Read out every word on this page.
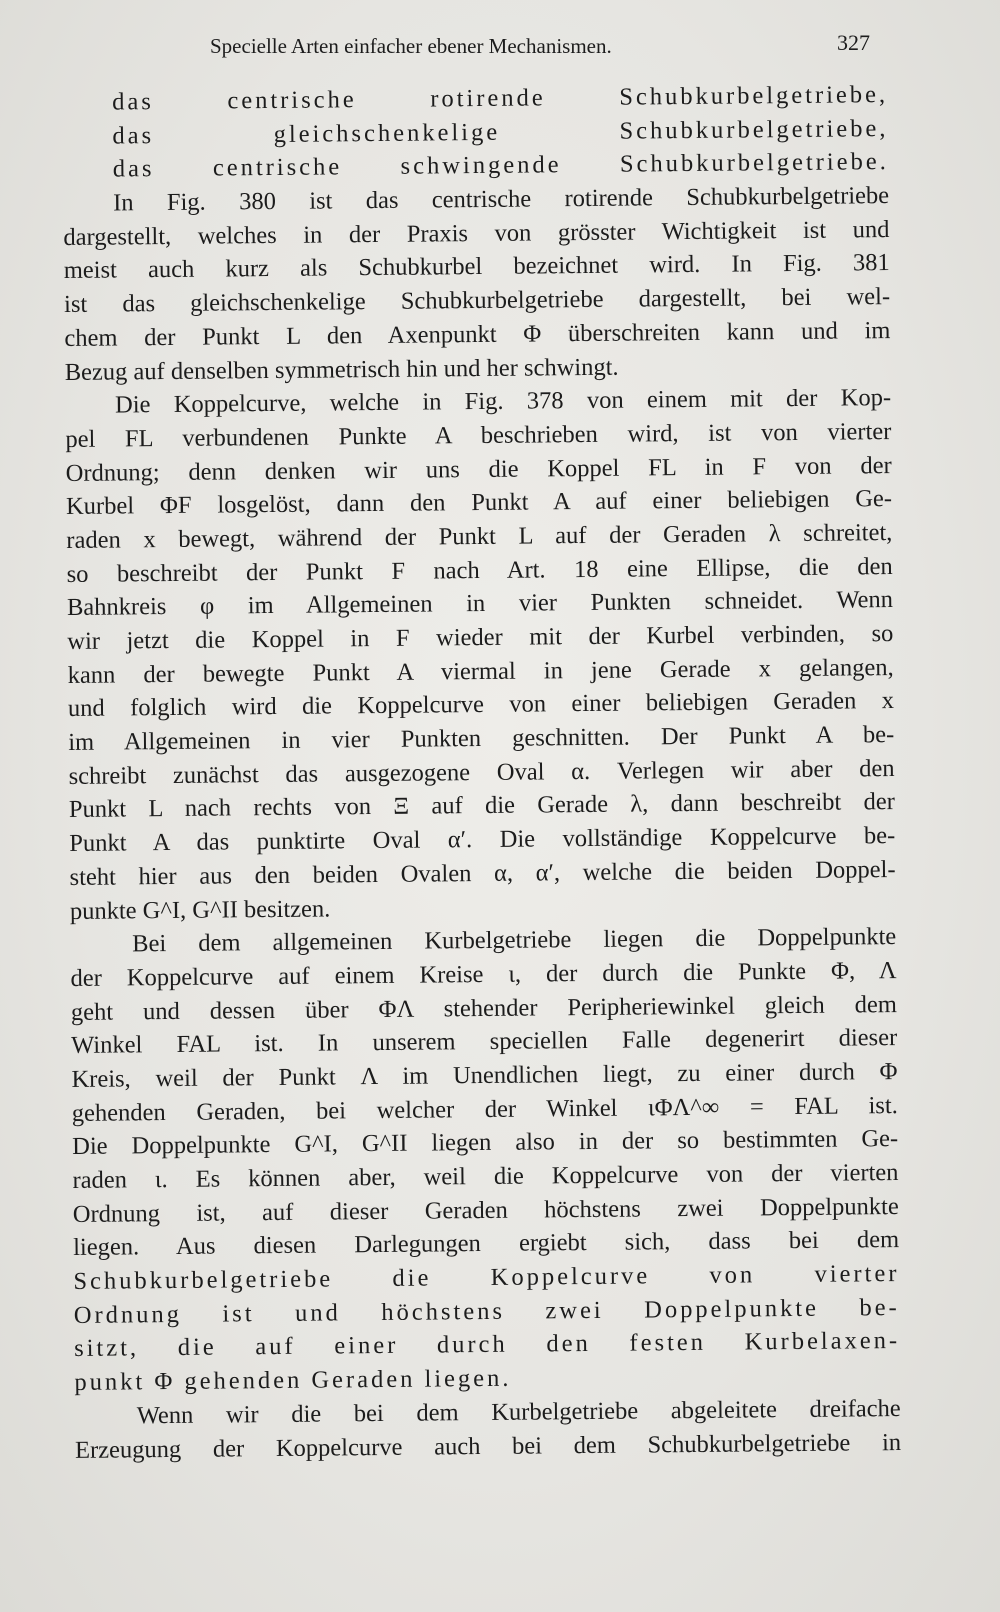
Specielle Arten einfacher ebener Mechanismen.	327
das centrische rotirende Schubkurbelgetriebe,
das gleichschenkelige Schubkurbelgetriebe,
das centrische schwingende Schubkurbelgetriebe.
In Fig. 380 ist das centrische rotirende Schubkurbelgetriebe
dargestellt, welches in der Praxis von grösster Wichtigkeit ist und
meist auch kurz als Schubkurbel bezeichnet wird. In Fig. 381
ist das gleichschenkelige Schubkurbelgetriebe dargestellt, bei wel-
chem der Punkt L den Axenpunkt Φ überschreiten kann und im
Bezug auf denselben symmetrisch hin und her schwingt.
Die Koppelcurve, welche in Fig. 378 von einem mit der Kop-
pel FL verbundenen Punkte A beschrieben wird, ist von vierter
Ordnung; denn denken wir uns die Koppel FL in F von der
Kurbel ΦF losgelöst, dann den Punkt A auf einer beliebigen Ge-
raden x bewegt, während der Punkt L auf der Geraden λ schreitet,
so beschreibt der Punkt F nach Art. 18 eine Ellipse, die den
Bahnkreis φ im Allgemeinen in vier Punkten schneidet. Wenn
wir jetzt die Koppel in F wieder mit der Kurbel verbinden, so
kann der bewegte Punkt A viermal in jene Gerade x gelangen,
und folglich wird die Koppelcurve von einer beliebigen Geraden x
im Allgemeinen in vier Punkten geschnitten. Der Punkt A be-
schreibt zunächst das ausgezogene Oval α. Verlegen wir aber den
Punkt L nach rechts von Ξ auf die Gerade λ, dann beschreibt der
Punkt A das punktirte Oval α′. Die vollständige Koppelcurve be-
steht hier aus den beiden Ovalen α, α′, welche die beiden Doppel-
punkte G^I, G^II besitzen.
Bei dem allgemeinen Kurbelgetriebe liegen die Doppelpunkte
der Koppelcurve auf einem Kreise ι, der durch die Punkte Φ, Λ
geht und dessen über ΦΛ stehender Peripheriewinkel gleich dem
Winkel FAL ist. In unserem speciellen Falle degenerirt dieser
Kreis, weil der Punkt Λ im Unendlichen liegt, zu einer durch Φ
gehenden Geraden, bei welcher der Winkel ιΦΛ^∞ = FAL ist.
Die Doppelpunkte G^I, G^II liegen also in der so bestimmten Ge-
raden ι. Es können aber, weil die Koppelcurve von der vierten
Ordnung ist, auf dieser Geraden höchstens zwei Doppelpunkte
liegen. Aus diesen Darlegungen ergiebt sich, dass bei dem
Schubkurbelgetriebe die Koppelcurve von vierter
Ordnung ist und höchstens zwei Doppelpunkte be-
sitzt, die auf einer durch den festen Kurbelaxen-
punkt Φ gehenden Geraden liegen.
Wenn wir die bei dem Kurbelgetriebe abgeleitete dreifache
Erzeugung der Koppelcurve auch bei dem Schubkurbelgetriebe in
